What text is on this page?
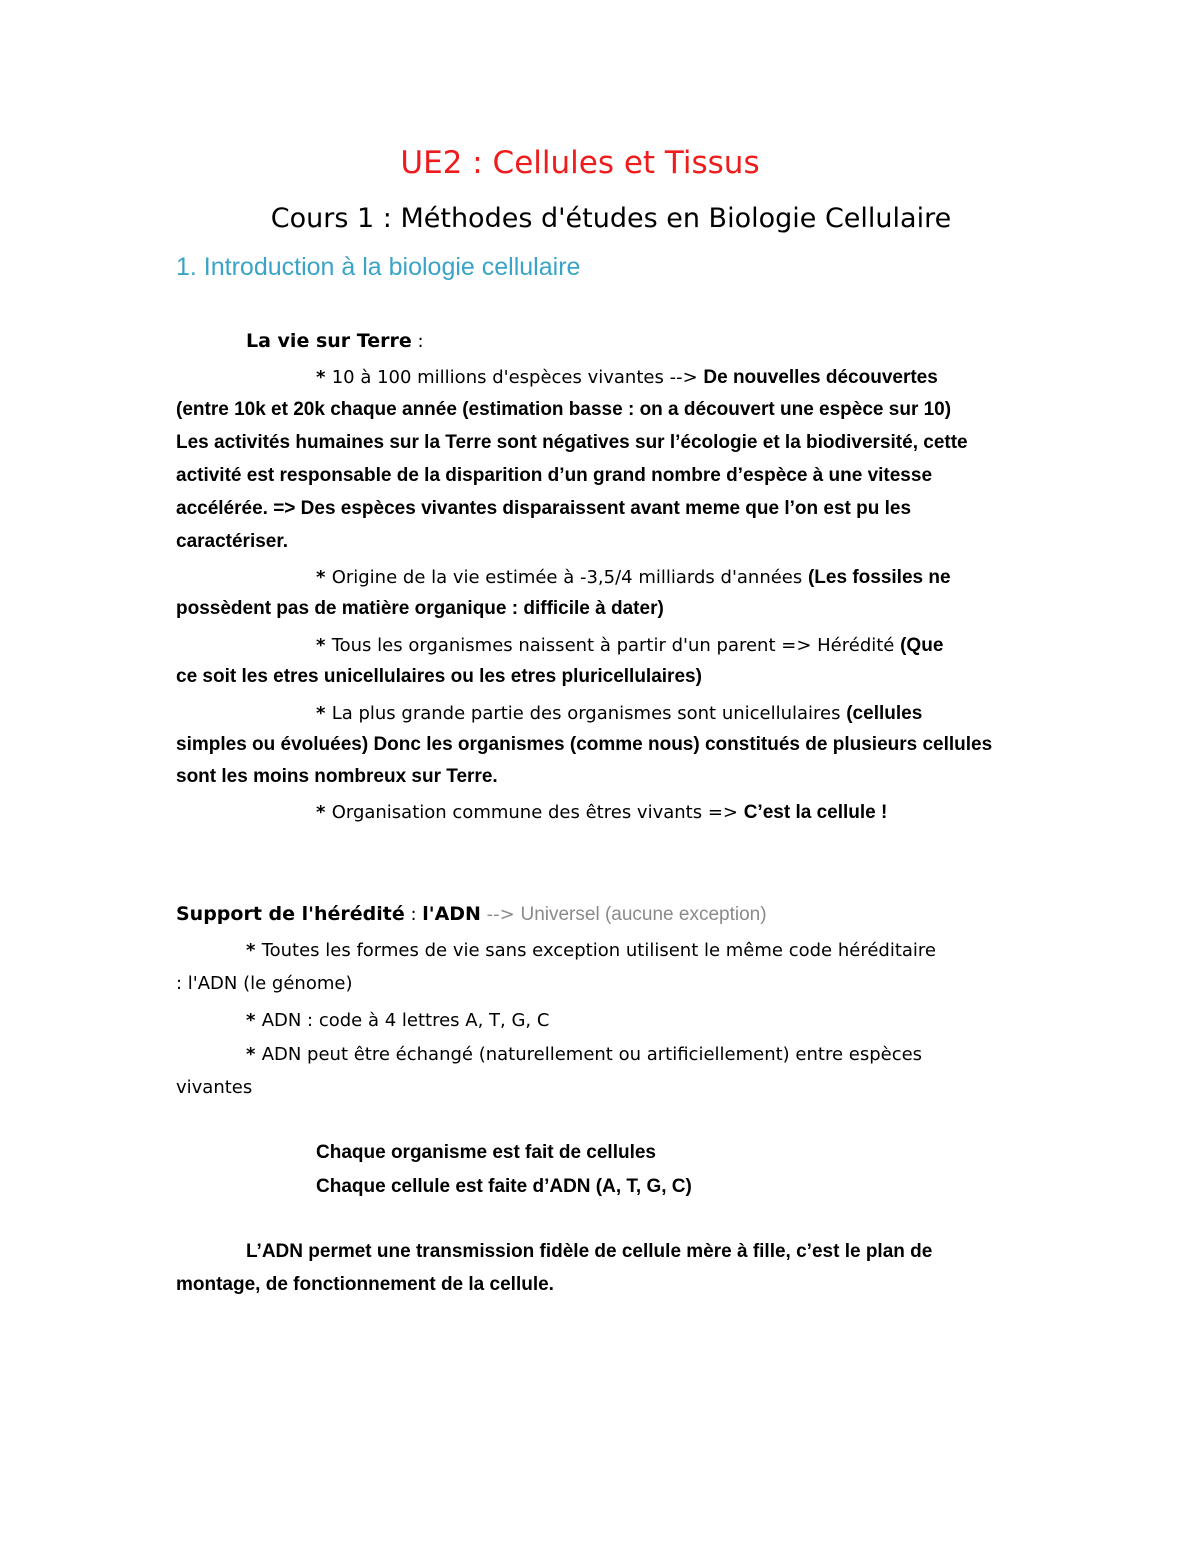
UE2 : Cellules et Tissus
Cours 1 : Méthodes d'études en Biologie Cellulaire
1. Introduction à la biologie cellulaire
La vie sur Terre :
* 10 à 100 millions d'espèces vivantes --> De nouvelles découvertes
(entre 10k et 20k chaque année (estimation basse : on a découvert une espèce sur 10)
Les activités humaines sur la Terre sont négatives sur l’écologie et la biodiversité, cette
activité est responsable de la disparition d’un grand nombre d’espèce à une vitesse
accélérée. => Des espèces vivantes disparaissent avant meme que l’on est pu les
caractériser.
* Origine de la vie estimée à -3,5/4 milliards d'années (Les fossiles ne
possèdent pas de matière organique : difficile à dater)
* Tous les organismes naissent à partir d'un parent => Hérédité (Que
ce soit les etres unicellulaires ou les etres pluricellulaires)
* La plus grande partie des organismes sont unicellulaires (cellules
simples ou évoluées) Donc les organismes (comme nous) constitués de plusieurs cellules
sont les moins nombreux sur Terre.
* Organisation commune des êtres vivants => C’est la cellule !
Support de l'hérédité : l'ADN --> Universel (aucune exception)
* Toutes les formes de vie sans exception utilisent le même code héréditaire
: l'ADN (le génome)
* ADN : code à 4 lettres A, T, G, C
* ADN peut être échangé (naturellement ou artificiellement) entre espèces
vivantes
Chaque organisme est fait de cellules
Chaque cellule est faite d’ADN (A, T, G, C)
L’ADN permet une transmission fidèle de cellule mère à fille, c’est le plan de
montage, de fonctionnement de la cellule.
